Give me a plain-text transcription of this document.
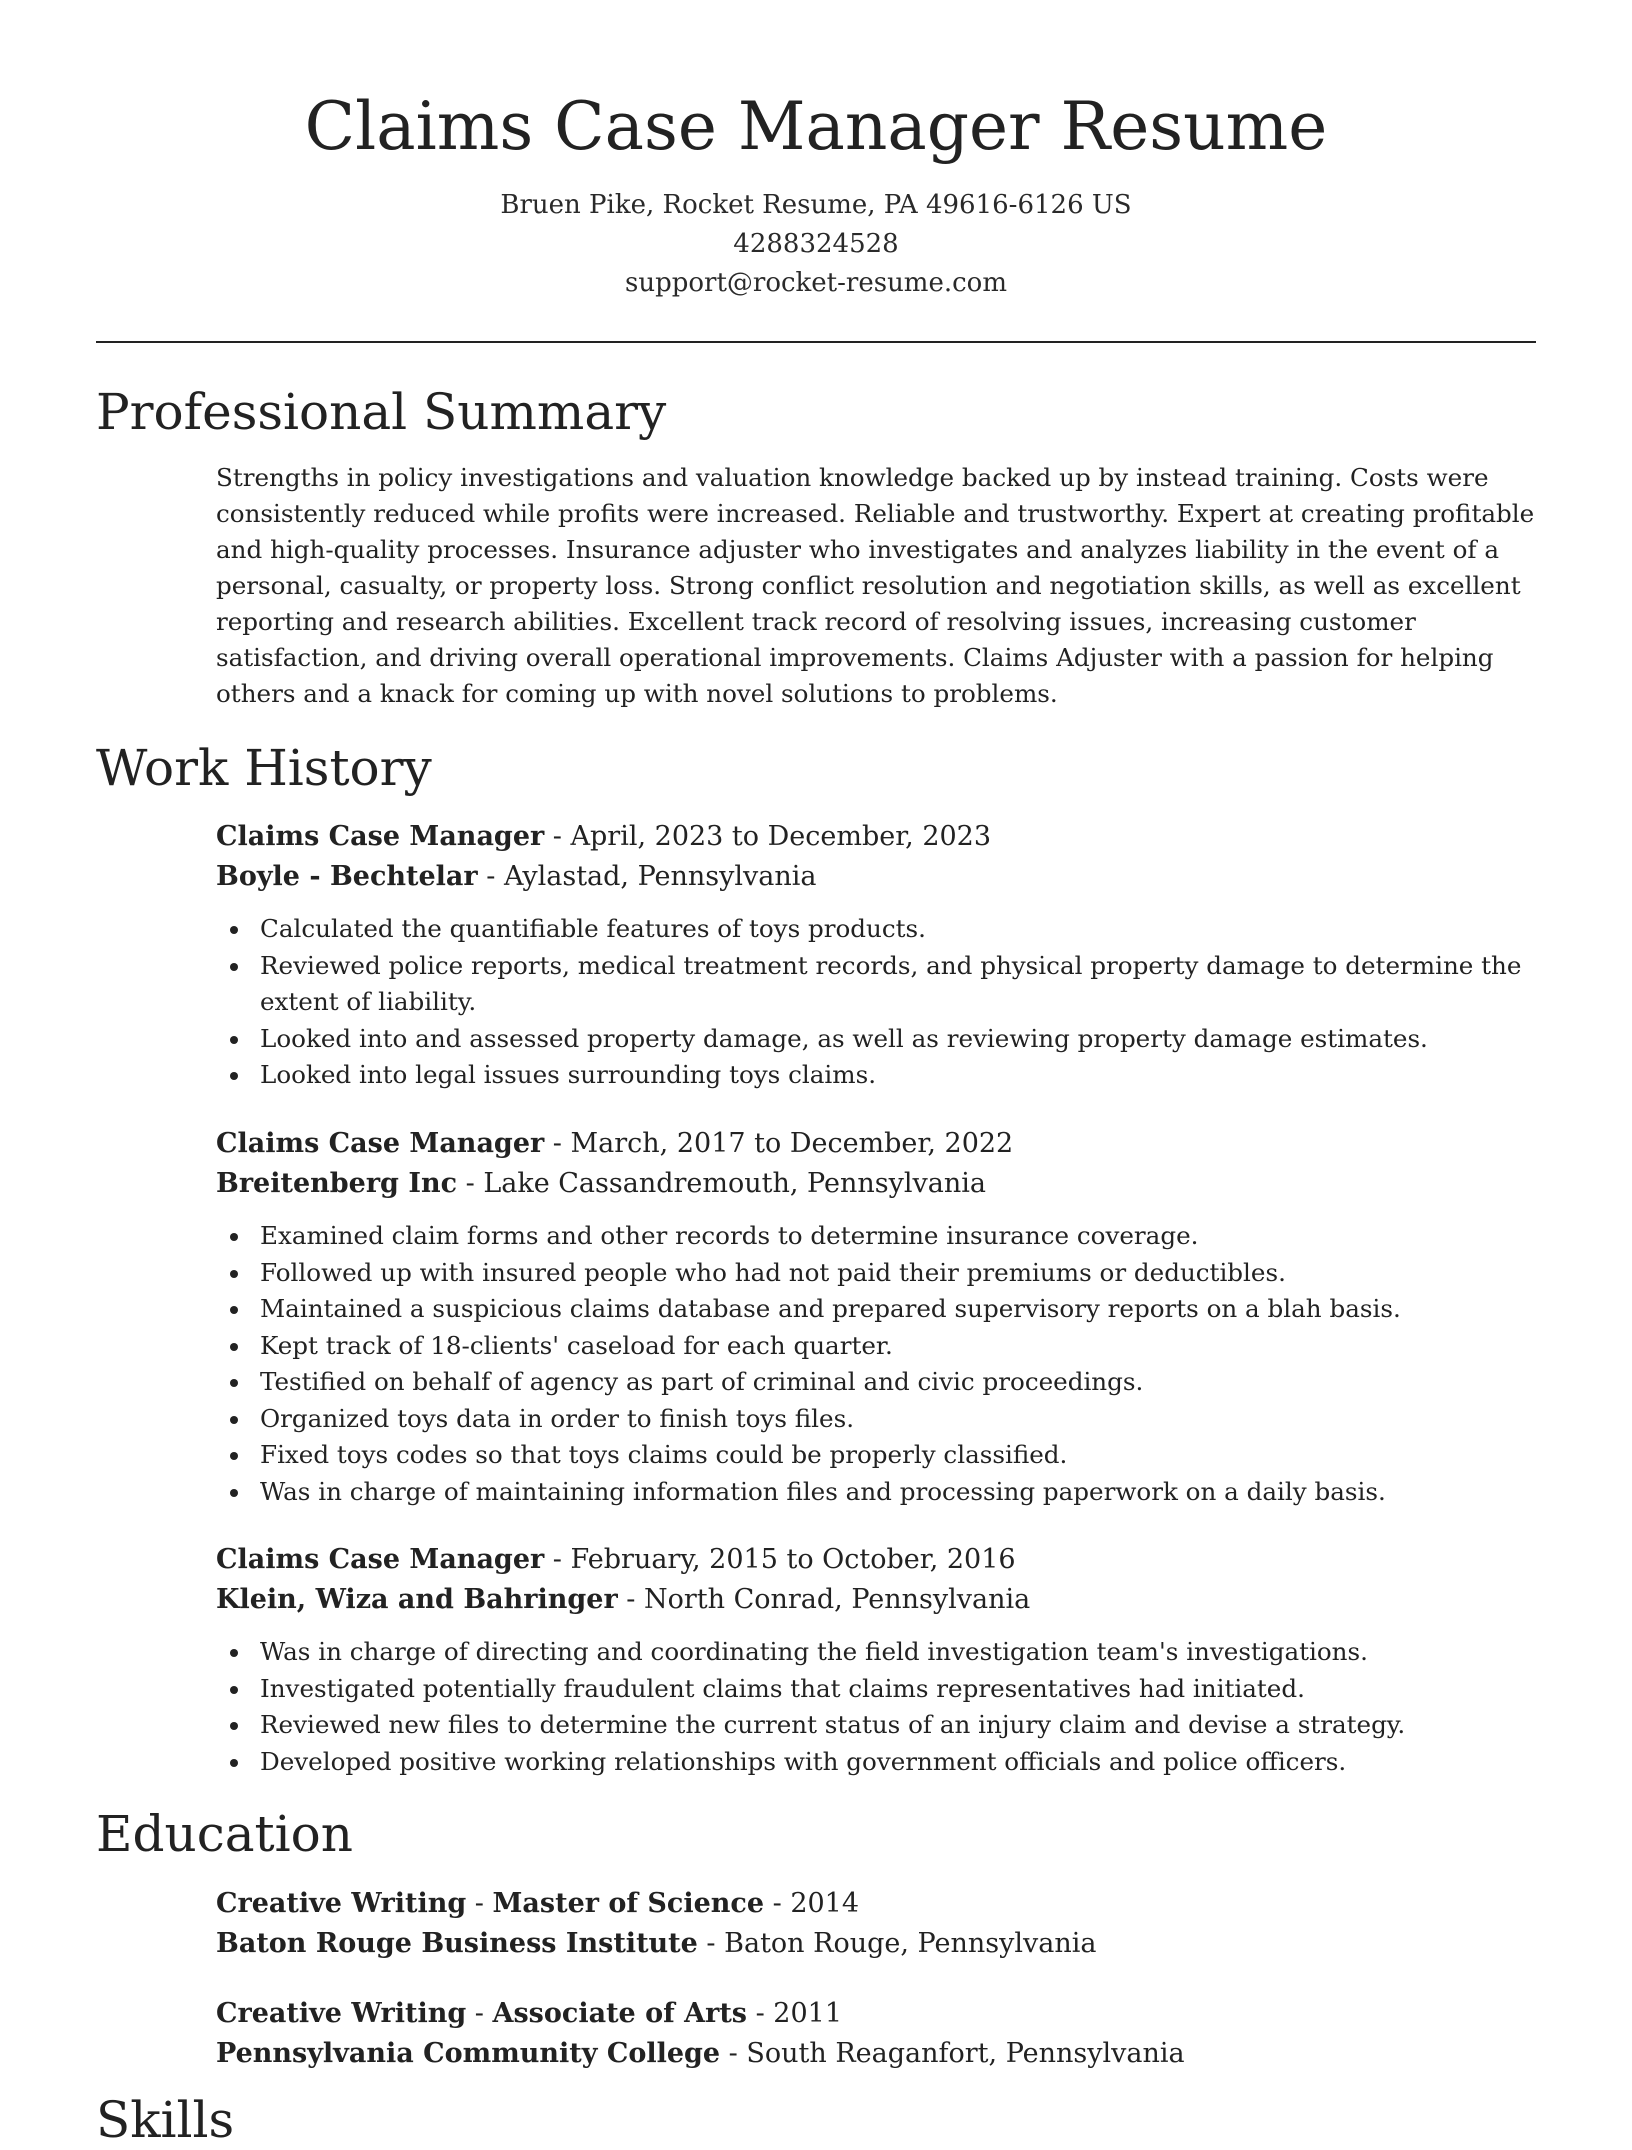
Claims Case Manager Resume

Bruen Pike, Rocket Resume, PA 49616-6126 US

4288324528

support@rocket-resume.com

Professional Summary

Strengths in policy investigations and valuation knowledge backed up by instead training. Costs were consistently reduced while profits were increased. Reliable and trustworthy. Expert at creating profitable and high-quality processes. Insurance adjuster who investigates and analyzes liability in the event of a personal, casualty, or property loss. Strong conflict resolution and negotiation skills, as well as excellent reporting and research abilities. Excellent track record of resolving issues, increasing customer satisfaction, and driving overall operational improvements. Claims Adjuster with a passion for helping others and a knack for coming up with novel solutions to problems.

Work History

Claims Case Manager - April, 2023 to December, 2023

Boyle - Bechtelar - Aylastad, Pennsylvania

Calculated the quantifiable features of toys products.
Reviewed police reports, medical treatment records, and physical property damage to determine the extent of liability.
Looked into and assessed property damage, as well as reviewing property damage estimates.
Looked into legal issues surrounding toys claims.

Claims Case Manager - March, 2017 to December, 2022

Breitenberg Inc - Lake Cassandremouth, Pennsylvania

Examined claim forms and other records to determine insurance coverage.
Followed up with insured people who had not paid their premiums or deductibles.
Maintained a suspicious claims database and prepared supervisory reports on a blah basis.
Kept track of 18-clients' caseload for each quarter.
Testified on behalf of agency as part of criminal and civic proceedings.
Organized toys data in order to finish toys files.
Fixed toys codes so that toys claims could be properly classified.
Was in charge of maintaining information files and processing paperwork on a daily basis.

Claims Case Manager - February, 2015 to October, 2016

Klein, Wiza and Bahringer - North Conrad, Pennsylvania

Was in charge of directing and coordinating the field investigation team's investigations.
Investigated potentially fraudulent claims that claims representatives had initiated.
Reviewed new files to determine the current status of an injury claim and devise a strategy.
Developed positive working relationships with government officials and police officers.
Education

Creative Writing - Master of Science - 2014

Baton Rouge Business Institute - Baton Rouge, Pennsylvania

Creative Writing - Associate of Arts - 2011

Pennsylvania Community College - South Reaganfort, Pennsylvania

Skills
